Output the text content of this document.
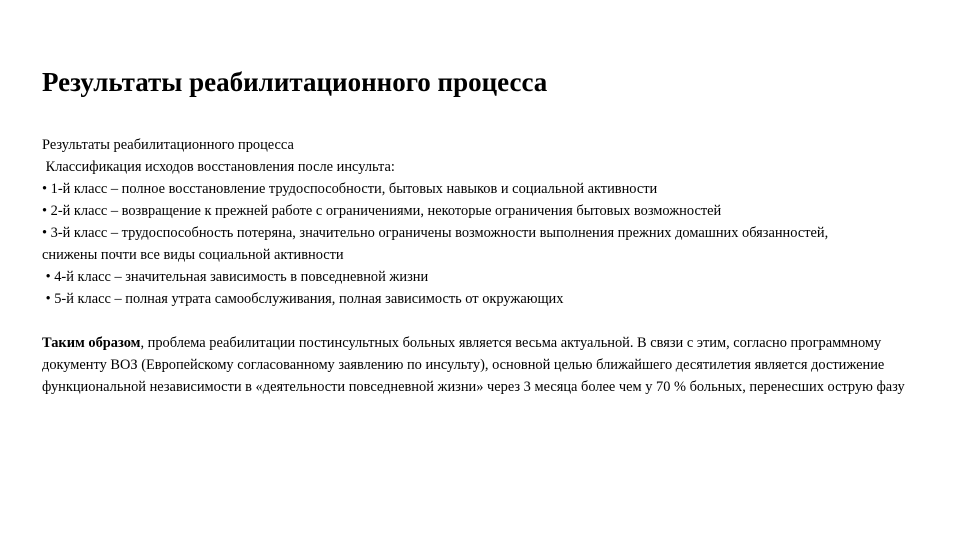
Результаты реабилитационного процесса

Результаты реабилитационного процесса

Классификация исходов восстановления после инсульта:

• 1-й класс – полное восстановление трудоспособности, бытовых навыков и социальной активности

• 2-й класс – возвращение к прежней работе с ограничениями, некоторые ограничения бытовых возможностей

• 3-й класс – трудоспособность потеряна, значительно ограничены возможности выполнения прежних домашних обязанностей, снижены почти все виды социальной активности

• 4-й класс – значительная зависимость в повседневной жизни

• 5-й класс – полная утрата самообслуживания, полная зависимость от окружающих

Таким образом, проблема реабилитации постинсультных больных является весьма актуальной. В связи с этим, согласно программному документу ВОЗ (Европейскому согласованному заявлению по инсульту), основной целью ближайшего десятилетия является достижение функциональной независимости в «деятельности повседневной жизни» через 3 месяца более чем у 70 % больных, перенесших острую фазу
